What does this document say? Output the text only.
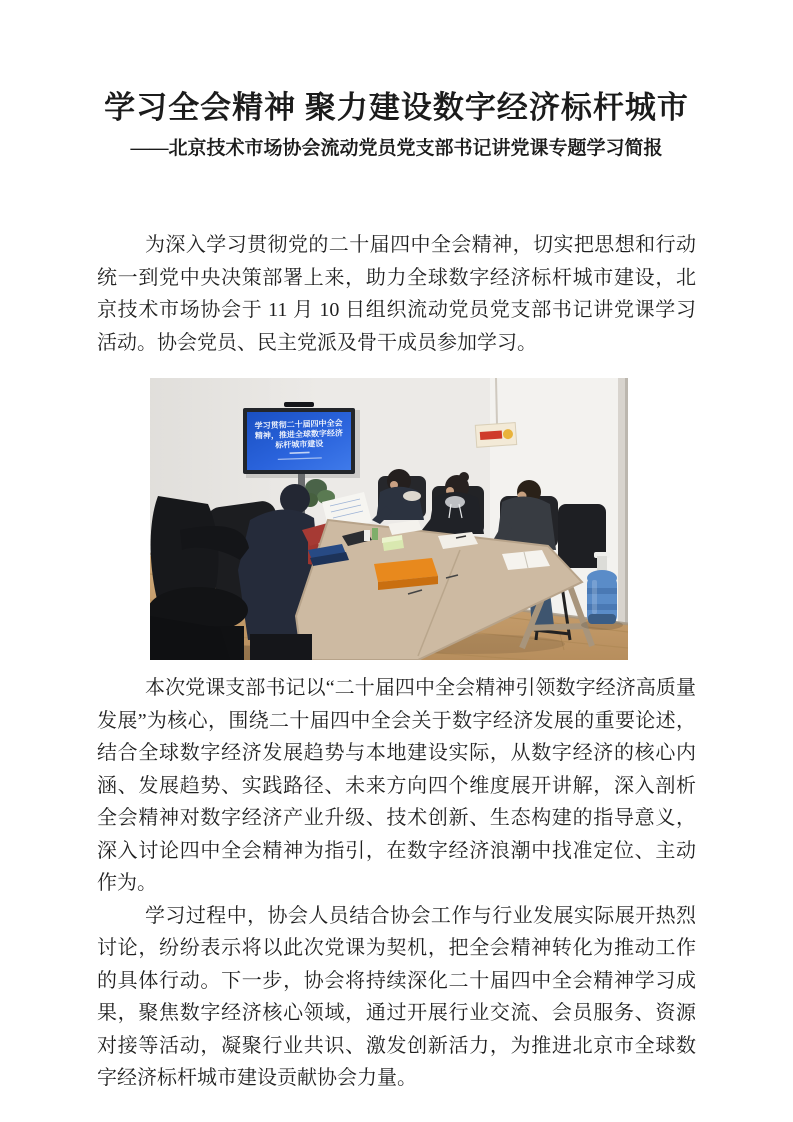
学习全会精神 聚力建设数字经济标杆城市
——北京技术市场协会流动党员党支部书记讲党课专题学习简报

为深入学习贯彻党的二十届四中全会精神，切实把思想和行动统一到党中央决策部署上来，助力全球数字经济标杆城市建设，北京技术市场协会于 11 月 10 日组织流动党员党支部书记讲党课学习活动。协会党员、民主党派及骨干成员参加学习。

学习贯彻二十届四中全会
精神，推进全球数字经济
标杆城市建设

本次党课支部书记以“二十届四中全会精神引领数字经济高质量发展”为核心，围绕二十届四中全会关于数字经济发展的重要论述，结合全球数字经济发展趋势与本地建设实际，从数字经济的核心内涵、发展趋势、实践路径、未来方向四个维度展开讲解，深入剖析全会精神对数字经济产业升级、技术创新、生态构建的指导意义，深入讨论四中全会精神为指引，在数字经济浪潮中找准定位、主动作为。

学习过程中，协会人员结合协会工作与行业发展实际展开热烈讨论，纷纷表示将以此次党课为契机，把全会精神转化为推动工作的具体行动。下一步，协会将持续深化二十届四中全会精神学习成果，聚焦数字经济核心领域，通过开展行业交流、会员服务、资源对接等活动，凝聚行业共识、激发创新活力，为推进北京市全球数字经济标杆城市建设贡献协会力量。
